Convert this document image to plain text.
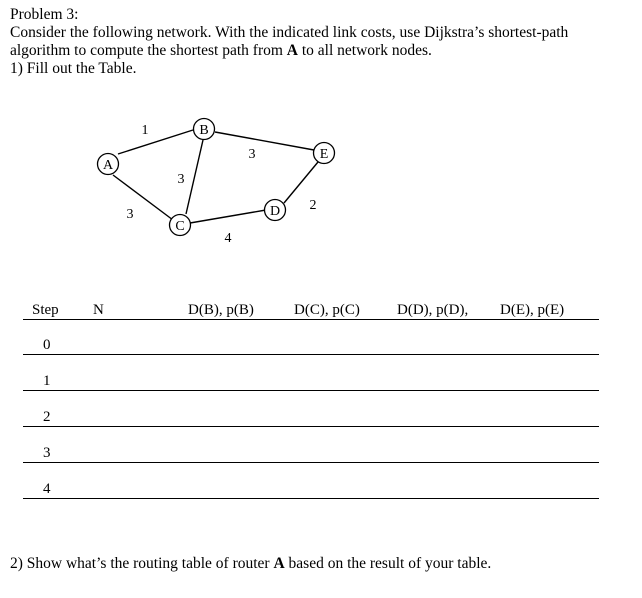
Problem 3:
Consider the following network. With the indicated link costs, use Dijkstra’s shortest-path
algorithm to compute the shortest path from A to all network nodes.
1) Fill out the Table.
A
B
C
D
E
1
3
3
3
4
2
Step N	D(B), p(B)	D(C), p(C) D(D), p(D), D(E), p(E)
0
1
2
3
4
2) Show what’s the routing table of router A based on the result of your table.
